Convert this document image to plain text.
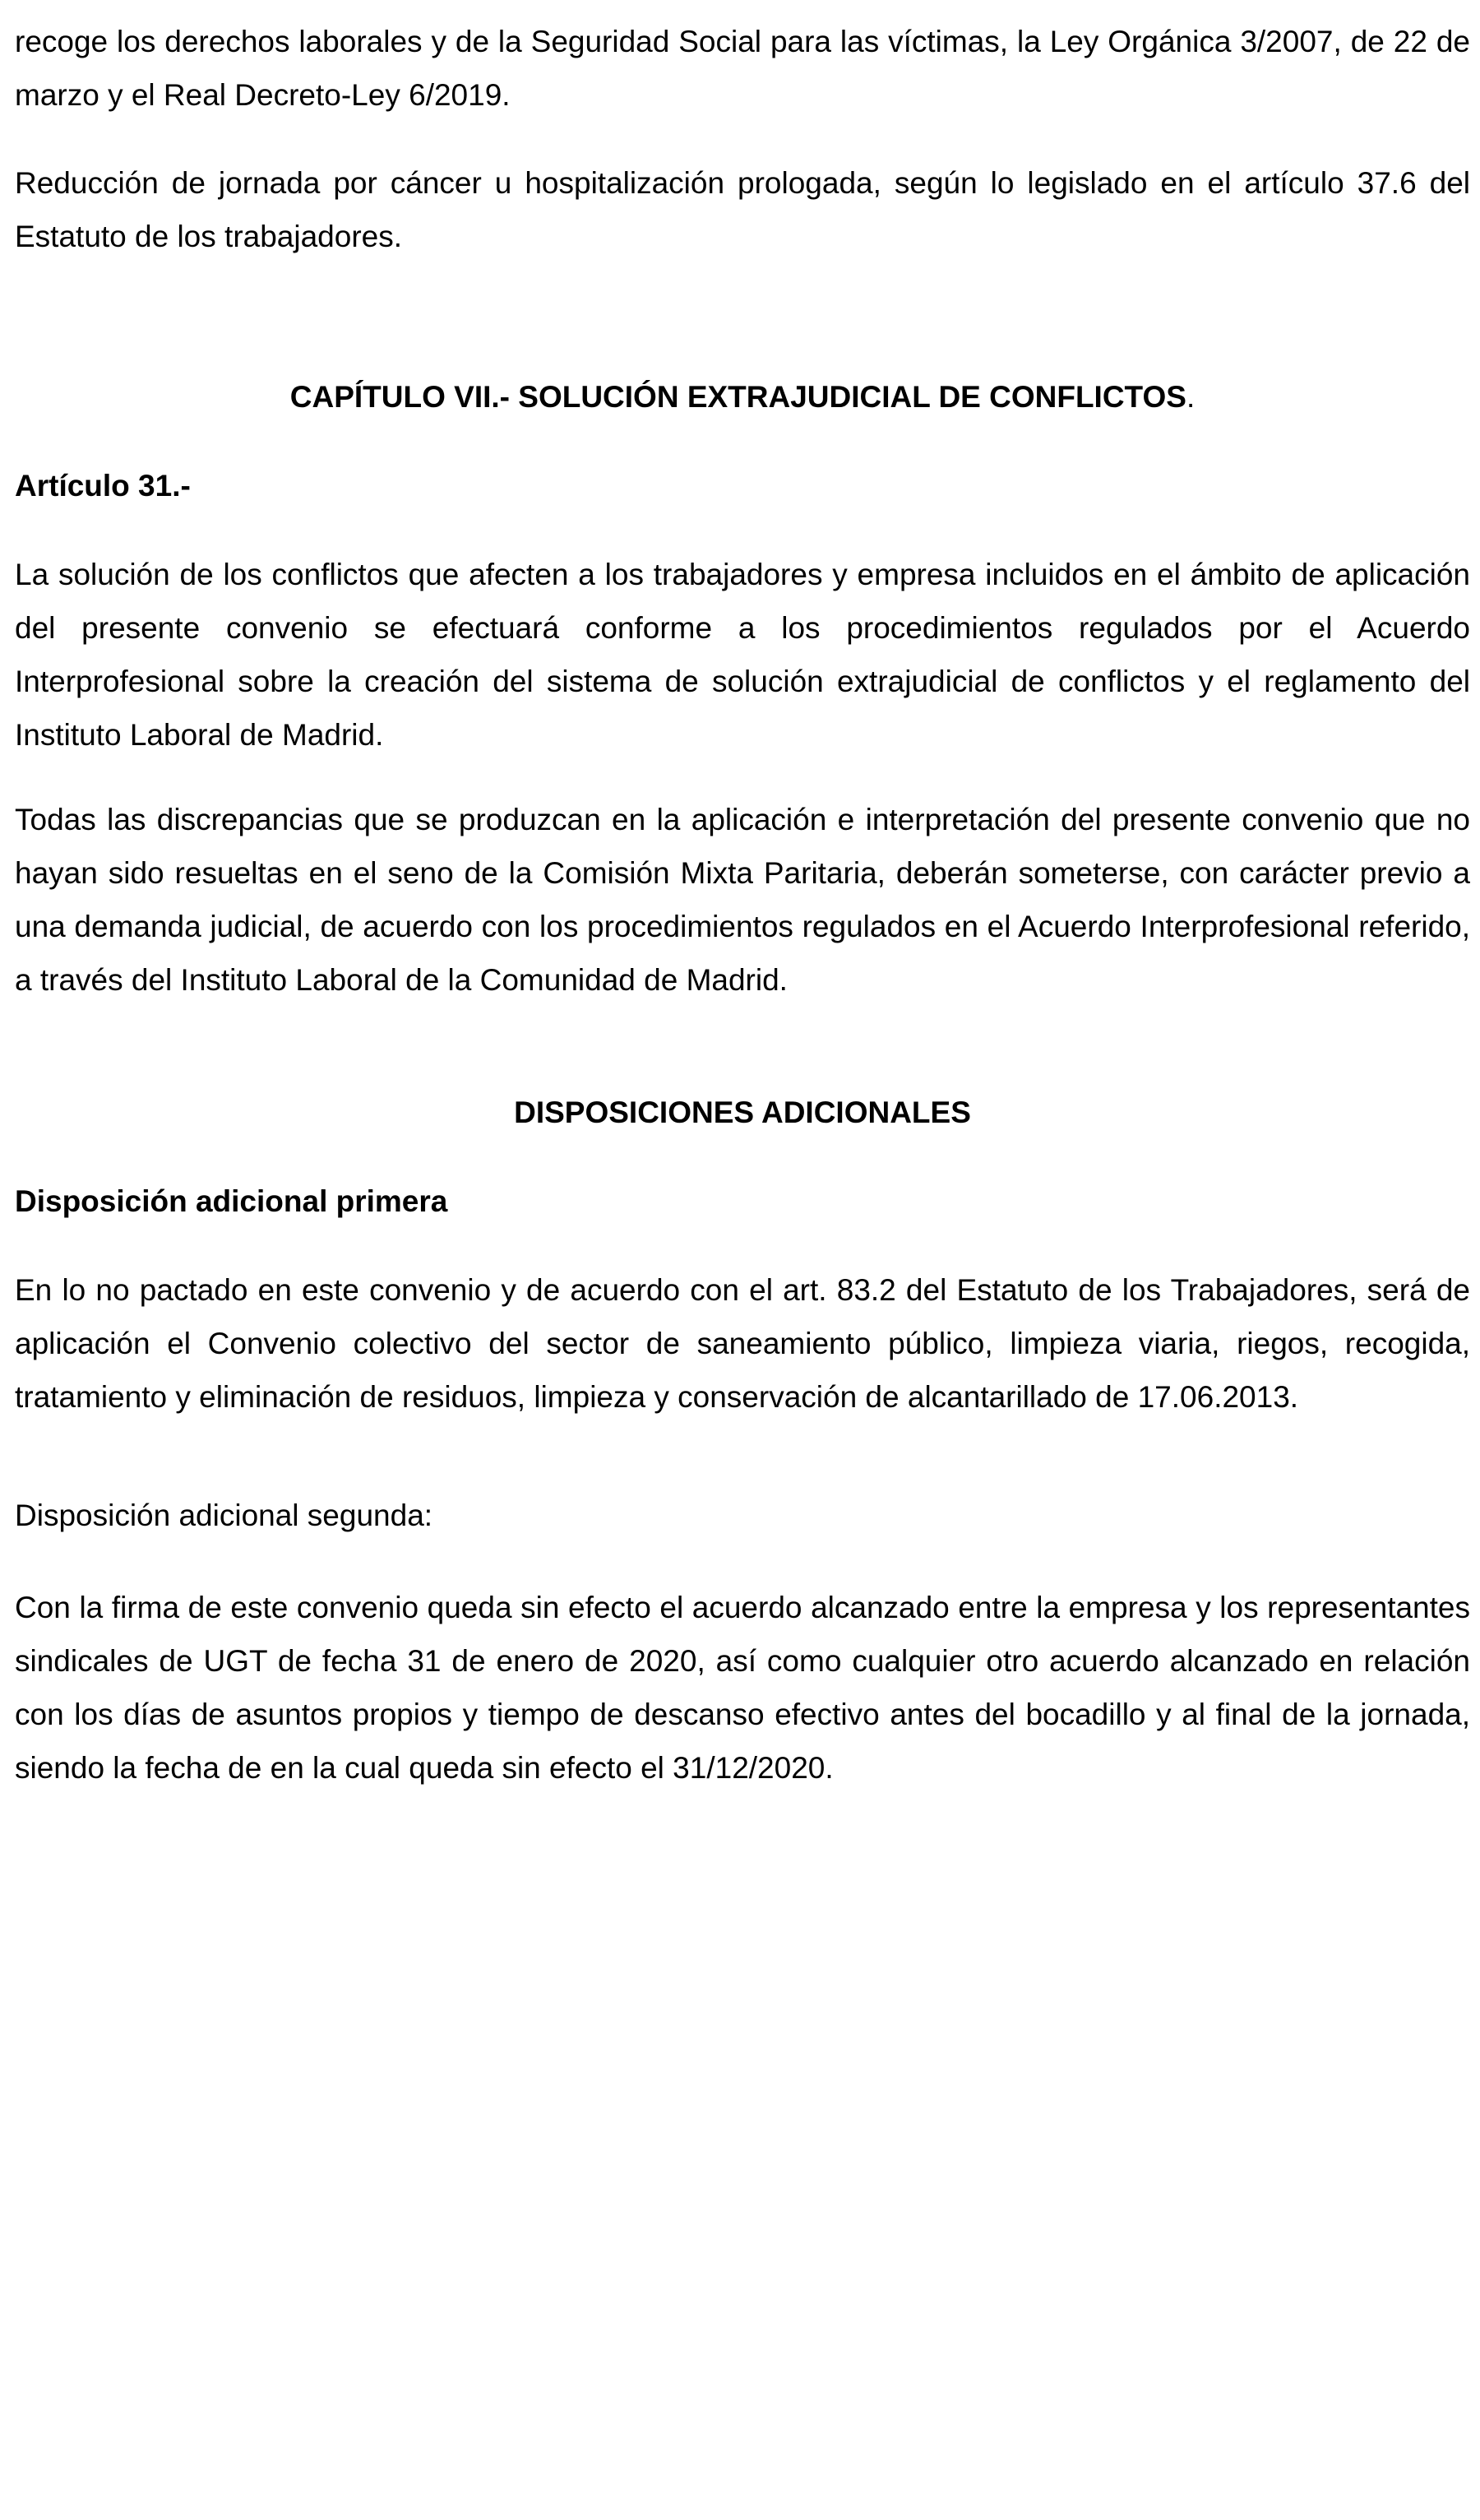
recoge los derechos laborales y de la Seguridad Social para las víctimas, la Ley Orgánica 3/2007, de 22 de marzo y el Real Decreto-Ley 6/2019.

Reducción de jornada por cáncer u hospitalización prologada, según lo legislado en el artículo 37.6 del Estatuto de los trabajadores.

CAPÍTULO VII.- SOLUCIÓN EXTRAJUDICIAL DE CONFLICTOS.

Artículo 31.-

La solución de los conflictos que afecten a los trabajadores y empresa incluidos en el ámbito de aplicación del presente convenio se efectuará conforme a los procedimientos regulados por el Acuerdo Interprofesional sobre la creación del sistema de solución extrajudicial de conflictos y el reglamento del Instituto Laboral de Madrid.

Todas las discrepancias que se produzcan en la aplicación e interpretación del presente convenio que no hayan sido resueltas en el seno de la Comisión Mixta Paritaria, deberán someterse, con carácter previo a una demanda judicial, de acuerdo con los procedimientos regulados en el Acuerdo Interprofesional referido, a través del Instituto Laboral de la Comunidad de Madrid.

DISPOSICIONES ADICIONALES

Disposición adicional primera

En lo no pactado en este convenio y de acuerdo con el art. 83.2 del Estatuto de los Trabajadores, será de aplicación el Convenio colectivo del sector de saneamiento público, limpieza viaria, riegos, recogida, tratamiento y eliminación de residuos, limpieza y conservación de alcantarillado de 17.06.2013.

Disposición adicional segunda:

Con la firma de este convenio queda sin efecto el acuerdo alcanzado entre la empresa y los representantes sindicales de UGT de fecha 31 de enero de 2020, así como cualquier otro acuerdo alcanzado en relación con los días de asuntos propios y tiempo de descanso efectivo antes del bocadillo y al final de la jornada, siendo la fecha de en la cual queda sin efecto el 31/12/2020.
